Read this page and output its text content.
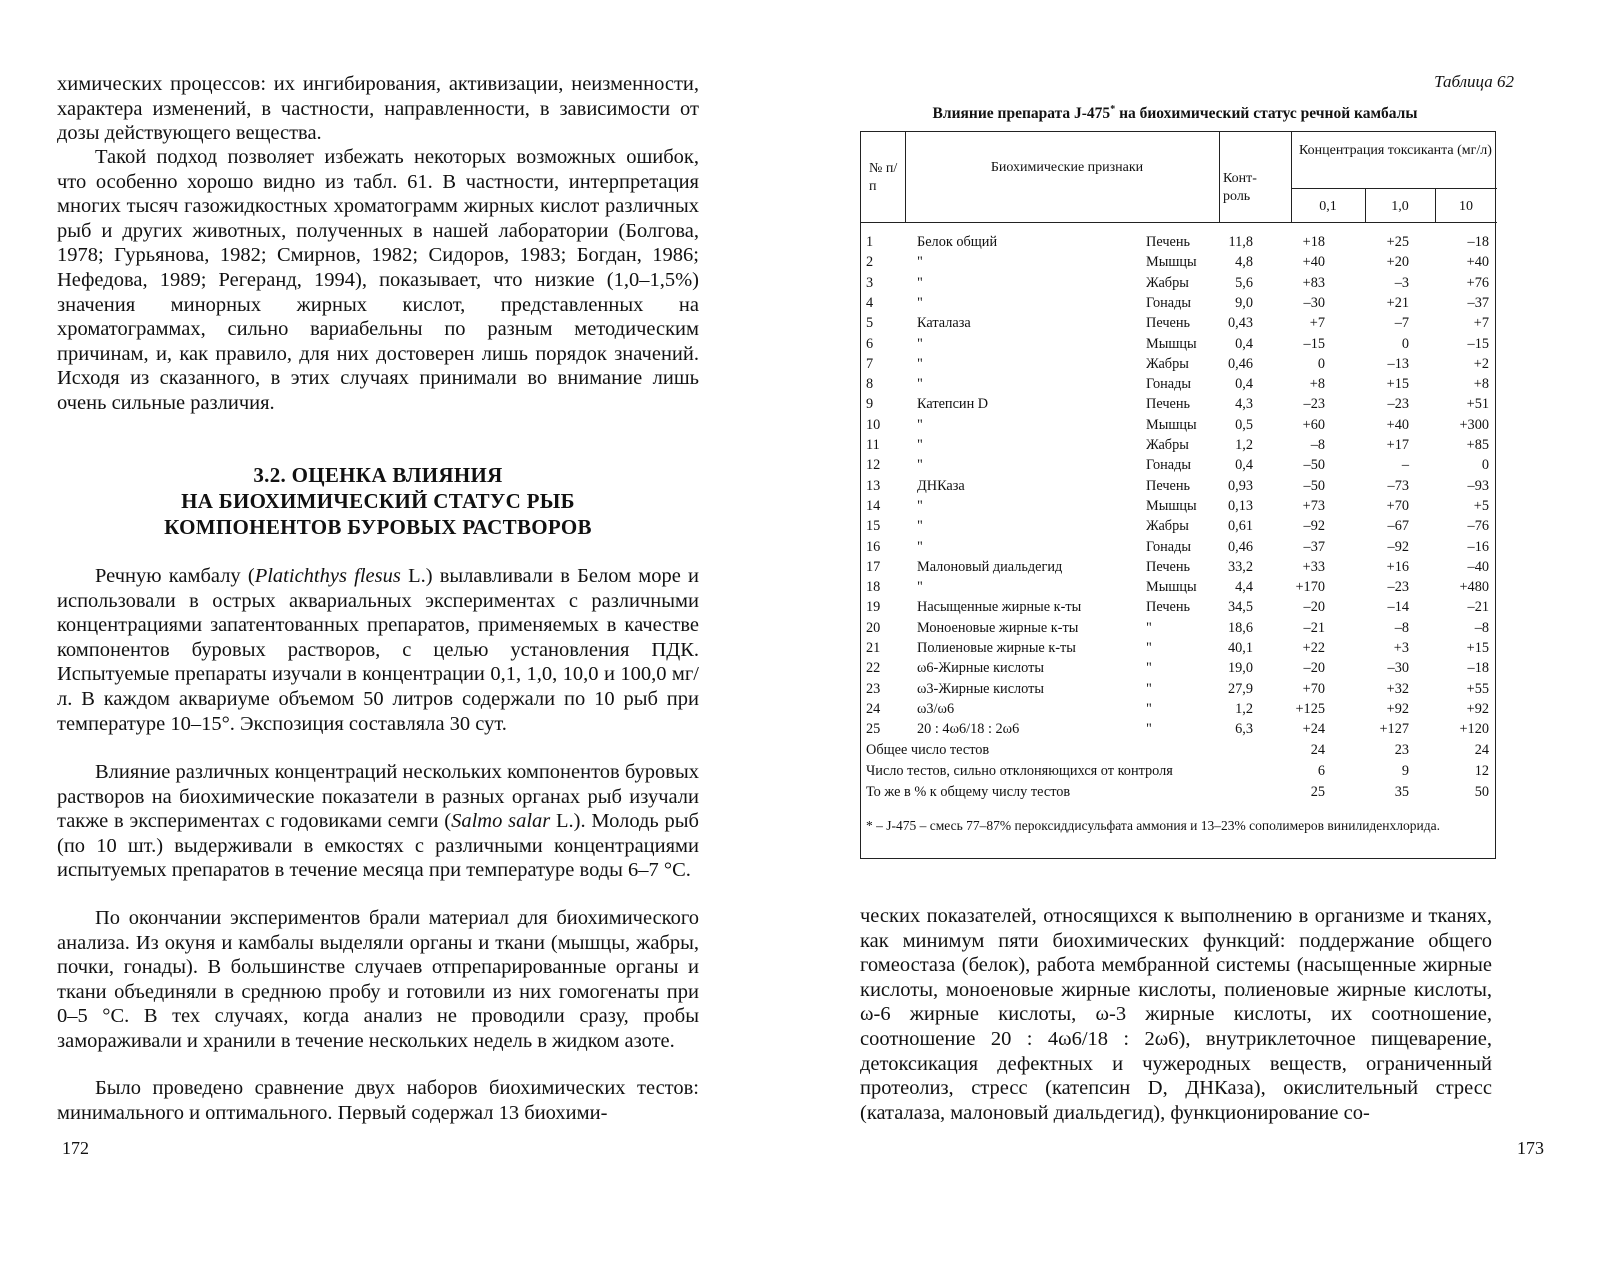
химических процессов: их ингибирования, активизации, неизменности, характера изменений, в частности, направленности, в зависимости от дозы действующего вещества.

Такой подход позволяет избежать некоторых возможных ошибок, что особенно хорошо видно из табл. 61. В частности, интерпретация многих тысяч газожидкостных хроматограмм жирных кислот различных рыб и других животных, полученных в нашей лаборатории (Болгова, 1978; Гурьянова, 1982; Смирнов, 1982; Сидоров, 1983; Богдан, 1986; Нефедова, 1989; Регеранд, 1994), показывает, что низкие (1,0–1,5%) значения минорных жирных кислот, представленных на хроматограммах, сильно вариабельны по разным методическим причинам, и, как правило, для них достоверен лишь порядок значений. Исходя из сказанного, в этих случаях принимали во внимание лишь очень сильные различия.

3.2. ОЦЕНКА ВЛИЯНИЯ
НА БИОХИМИЧЕСКИЙ СТАТУС РЫБ
КОМПОНЕНТОВ БУРОВЫХ РАСТВОРОВ

Речную камбалу (Platichthys flesus L.) вылавливали в Белом море и использовали в острых аквариальных экспериментах с различными концентрациями запатентованных препаратов, применяемых в качестве компонентов буровых растворов, с целью установления ПДК. Испытуемые препараты изучали в концентрации 0,1, 1,0, 10,0 и 100,0 мг/л. В каждом аквариуме объемом 50 литров содержали по 10 рыб при температуре 10–15°. Экспозиция составляла 30 сут.

Влияние различных концентраций нескольких компонентов буровых растворов на биохимические показатели в разных органах рыб изучали также в экспериментах с годовиками семги (Salmo salar L.). Молодь рыб (по 10 шт.) выдерживали в емкостях с различными концентрациями испытуемых препаратов в течение месяца при температуре воды 6–7 °С.

По окончании экспериментов брали материал для биохимического анализа. Из окуня и камбалы выделяли органы и ткани (мышцы, жабры, почки, гонады). В большинстве случаев отпрепарированные органы и ткани объединяли в среднюю пробу и готовили из них гомогенаты при 0–5 °С. В тех случаях, когда анализ не проводили сразу, пробы замораживали и хранили в течение нескольких недель в жидком азоте.

Было проведено сравнение двух наборов биохимических тестов: минимального и оптимального. Первый содержал 13 биохими-

172
Таблица 62

Влияние препарата J-475* на биохимический статус речной камбалы

№ п/п
Биохимические признаки
Конт- роль
Концентрация токсиканта (мг/л)
0,1	1,0	10
1	Белок общий	Печень	11,8	+18	+25	–18
2	"	Мышцы	4,8	+40	+20	+40
3	"	Жабры	5,6	+83	–3	+76
4	"	Гонады	9,0	–30	+21	–37
5	Каталаза	Печень	0,43	+7	–7	+7
6	"	Мышцы	0,4	–15	0	–15
7	"	Жабры	0,46	0	–13	+2
8	"	Гонады	0,4	+8	+15	+8
9	Катепсин D	Печень	4,3	–23	–23	+51
10	"	Мышцы	0,5	+60	+40	+300
11	"	Жабры	1,2	–8	+17	+85
12	"	Гонады	0,4	–50	–	0
13	ДНКаза	Печень	0,93	–50	–73	–93
14	"	Мышцы 0,13	+73	+70	+5
15	"	Жабры	0,61	–92	–67	–76
16	"	Гонады	0,46	–37	–92	–16
17	Малоновый диальдегид	Печень	33,2	+33	+16	–40
18	"	Мышцы	4,4	+170	–23	+480
19	Насыщенные жирные к-ты	Печень	34,5	–20	–14	–21
20	Моноеновые жирные к-ты	"	18,6	–21	–8	–8
21	Полиеновые жирные к-ты	"	40,1	+22	+3	+15
22	ω6-Жирные кислоты	"	19,0	–20	–30	–18
23	ω3-Жирные кислоты	"	27,9	+70	+32	+55
24	ω3/ω6	"	1,2	+125	+92	+92
25	20 : 4ω6/18 : 2ω6	"	6,3	+24	+127	+120
Общее число тестов	24	23	24
Число тестов, сильно отклоняющихся от контроля	6	9	12
То же в % к общему числу тестов	25	35	50
* – J-475 – смесь 77–87% пероксиддисульфата аммония и 13–23% сополимеров винилиденхлорида.

ческих показателей, относящихся к выполнению в организме и тканях, как минимум пяти биохимических функций: поддержание общего гомеостаза (белок), работа мембранной системы (насыщенные жирные кислоты, моноеновые жирные кислоты, полиеновые жирные кислоты, ω-6 жирные кислоты, ω-3 жирные кислоты, их соотношение, соотношение 20 : 4ω6/18 : 2ω6), внутриклеточное пищеварение, детоксикация дефектных и чужеродных веществ, ограниченный протеолиз, стресс (катепсин D, ДНКаза), окислительный стресс (каталаза, малоновый диальдегид), функционирование со-

173
